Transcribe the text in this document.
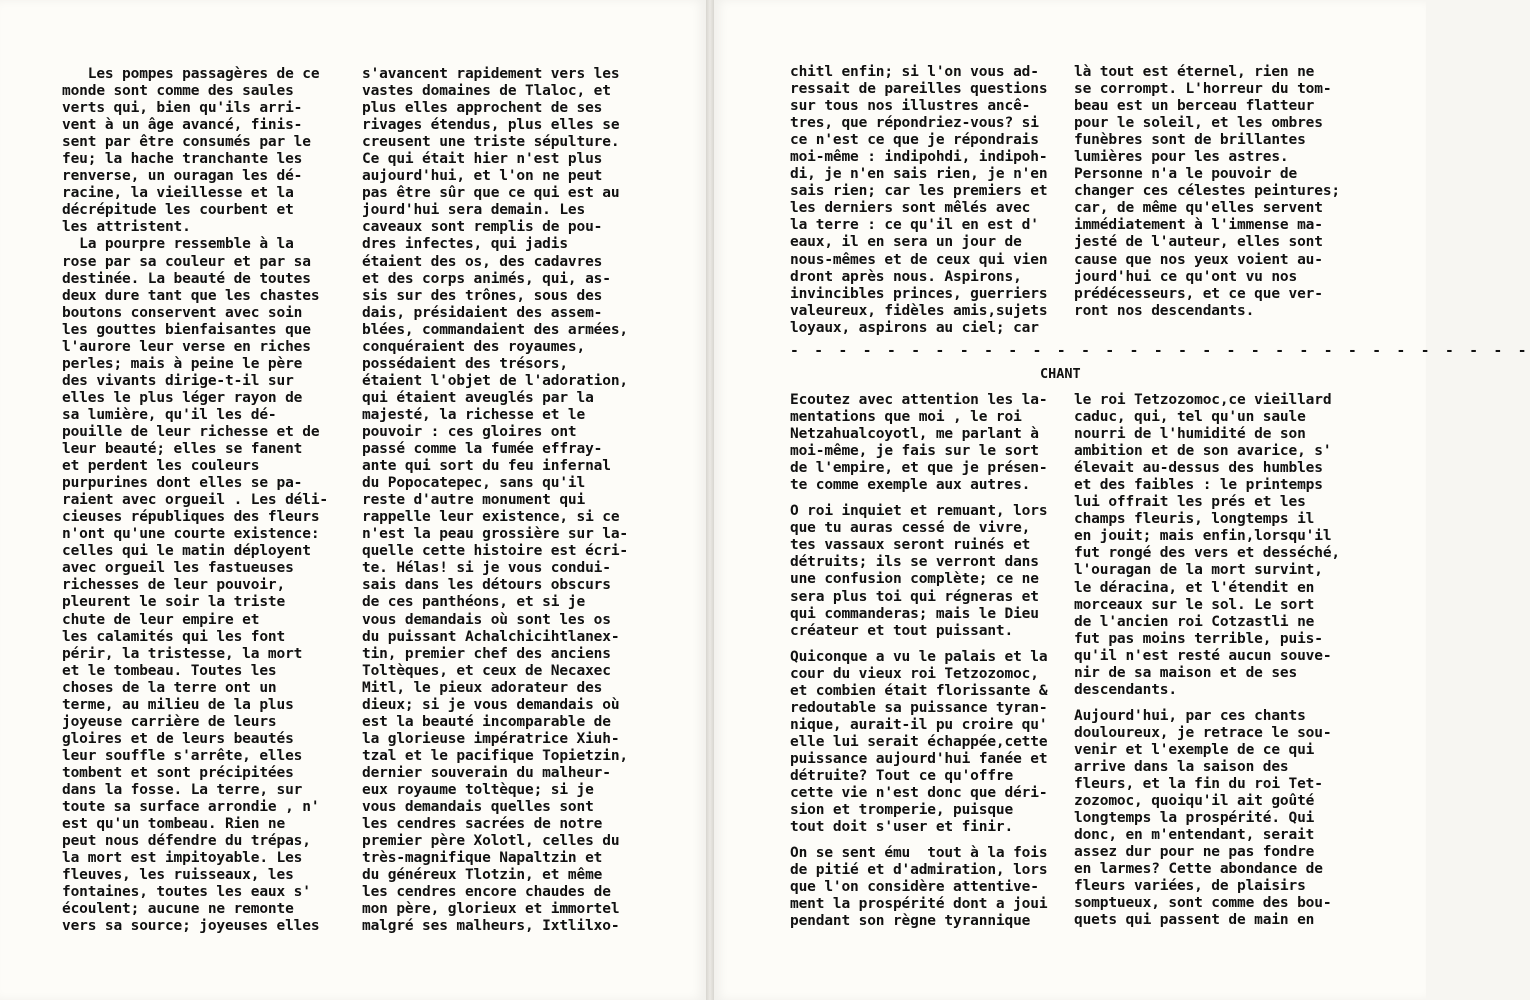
Les pompes passagères de ce
monde sont comme des saules
verts qui, bien qu'ils arri-
vent à un âge avancé, finis-
sent par être consumés par le
feu; la hache tranchante les
renverse, un ouragan les dé-
racine, la vieillesse et la
décrépitude les courbent et
les attristent.
La pourpre ressemble à la
rose par sa couleur et par sa
destinée. La beauté de toutes
deux dure tant que les chastes
boutons conservent avec soin
les gouttes bienfaisantes que
l'aurore leur verse en riches
perles; mais à peine le père
des vivants dirige-t-il sur
elles le plus léger rayon de
sa lumière, qu'il les dé-
pouille de leur richesse et de
leur beauté; elles se fanent
et perdent les couleurs
purpurines dont elles se pa-
raient avec orgueil . Les déli-
cieuses républiques des fleurs
n'ont qu'une courte existence:
celles qui le matin déployent
avec orgueil les fastueuses
richesses de leur pouvoir,
pleurent le soir la triste
chute de leur empire et
les calamités qui les font
périr, la tristesse, la mort
et le tombeau. Toutes les
choses de la terre ont un
terme, au milieu de la plus
joyeuse carrière de leurs
gloires et de leurs beautés
leur souffle s'arrête, elles
tombent et sont précipitées
dans la fosse. La terre, sur
toute sa surface arrondie , n'
est qu'un tombeau. Rien ne
peut nous défendre du trépas,
la mort est impitoyable. Les
fleuves, les ruisseaux, les
fontaines, toutes les eaux s'
écoulent; aucune ne remonte
vers sa source; joyeuses elles
s'avancent rapidement vers les
vastes domaines de Tlaloc, et
plus elles approchent de ses
rivages étendus, plus elles se
creusent une triste sépulture.
Ce qui était hier n'est plus
aujourd'hui, et l'on ne peut
pas être sûr que ce qui est au
jourd'hui sera demain. Les
caveaux sont remplis de pou-
dres infectes, qui jadis
étaient des os, des cadavres
et des corps animés, qui, as-
sis sur des trônes, sous des
dais, présidaient des assem-
blées, commandaient des armées,
conquéraient des royaumes,
possédaient des trésors,
étaient l'objet de l'adoration,
qui étaient aveuglés par la
majesté, la richesse et le
pouvoir : ces gloires ont
passé comme la fumée effray-
ante qui sort du feu infernal
du Popocatepec, sans qu'il
reste d'autre monument qui
rappelle leur existence, si ce
n'est la peau grossière sur la-
quelle cette histoire est écri-
te. Hélas! si je vous condui-
sais dans les détours obscurs
de ces panthéons, et si je
vous demandais où sont les os
du puissant Achalchicihtlanex-
tin, premier chef des anciens
Toltèques, et ceux de Necaxec
Mitl, le pieux adorateur des
dieux; si je vous demandais où
est la beauté incomparable de
la glorieuse impératrice Xiuh-
tzal et le pacifique Topietzin,
dernier souverain du malheur-
eux royaume toltèque; si je
vous demandais quelles sont
les cendres sacrées de notre
premier père Xolotl, celles du
très-magnifique Napaltzin et
du généreux Tlotzin, et même
les cendres encore chaudes de
mon père, glorieux et immortel
malgré ses malheurs, Ixtlilxo-
chitl enfin; si l'on vous ad-
ressait de pareilles questions
sur tous nos illustres ancê-
tres, que répondriez-vous? si
ce n'est ce que je répondrais
moi-même : indipohdi, indipoh-
di, je n'en sais rien, je n'en
sais rien; car les premiers et
les derniers sont mêlés avec
la terre : ce qu'il en est d'
eaux, il en sera un jour de
nous-mêmes et de ceux qui vien
dront après nous. Aspirons,
invincibles princes, guerriers
valeureux, fidèles amis,sujets
loyaux, aspirons au ciel; car
là tout est éternel, rien ne
se corrompt. L'horreur du tom-
beau est un berceau flatteur
pour le soleil, et les ombres
funèbres sont de brillantes
lumières pour les astres.
Personne n'a le pouvoir de
changer ces célestes peintures;
car, de même qu'elles servent
immédiatement à l'immense ma-
jesté de l'auteur, elles sont
cause que nos yeux voient au-
jourd'hui ce qu'ont vu nos
prédécesseurs, et ce que ver-
ront nos descendants.
- - - - - - - - - - - - - - - - - - - - - - - - - - - - - - -
CHANT
Ecoutez avec attention les la-
mentations que moi , le roi
Netzahualcoyotl, me parlant à
moi-même, je fais sur le sort
de l'empire, et que je présen-
te comme exemple aux autres.
O roi inquiet et remuant, lors
que tu auras cessé de vivre,
tes vassaux seront ruinés et
détruits; ils se verront dans
une confusion complète; ce ne
sera plus toi qui régneras et
qui commanderas; mais le Dieu
créateur et tout puissant.
Quiconque a vu le palais et la
cour du vieux roi Tetzozomoc,
et combien était florissante &
redoutable sa puissance tyran-
nique, aurait-il pu croire qu'
elle lui serait échappée,cette
puissance aujourd'hui fanée et
détruite? Tout ce qu'offre
cette vie n'est donc que déri-
sion et tromperie, puisque
tout doit s'user et finir.
On se sent ému  tout à la fois
de pitié et d'admiration, lors
que l'on considère attentive-
ment la prospérité dont a joui
pendant son règne tyrannique
le roi Tetzozomoc,ce vieillard
caduc, qui, tel qu'un saule
nourri de l'humidité de son
ambition et de son avarice, s'
élevait au-dessus des humbles
et des faibles : le printemps
lui offrait les prés et les
champs fleuris, longtemps il
en jouit; mais enfin,lorsqu'il
fut rongé des vers et desséché,
l'ouragan de la mort survint,
le déracina, et l'étendit en
morceaux sur le sol. Le sort
de l'ancien roi Cotzastli ne
fut pas moins terrible, puis-
qu'il n'est resté aucun souve-
nir de sa maison et de ses
descendants.
Aujourd'hui, par ces chants
douloureux, je retrace le sou-
venir et l'exemple de ce qui
arrive dans la saison des
fleurs, et la fin du roi Tet-
zozomoc, quoiqu'il ait goûté
longtemps la prospérité. Qui
donc, en m'entendant, serait
assez dur pour ne pas fondre
en larmes? Cette abondance de
fleurs variées, de plaisirs
somptueux, sont comme des bou-
quets qui passent de main en
